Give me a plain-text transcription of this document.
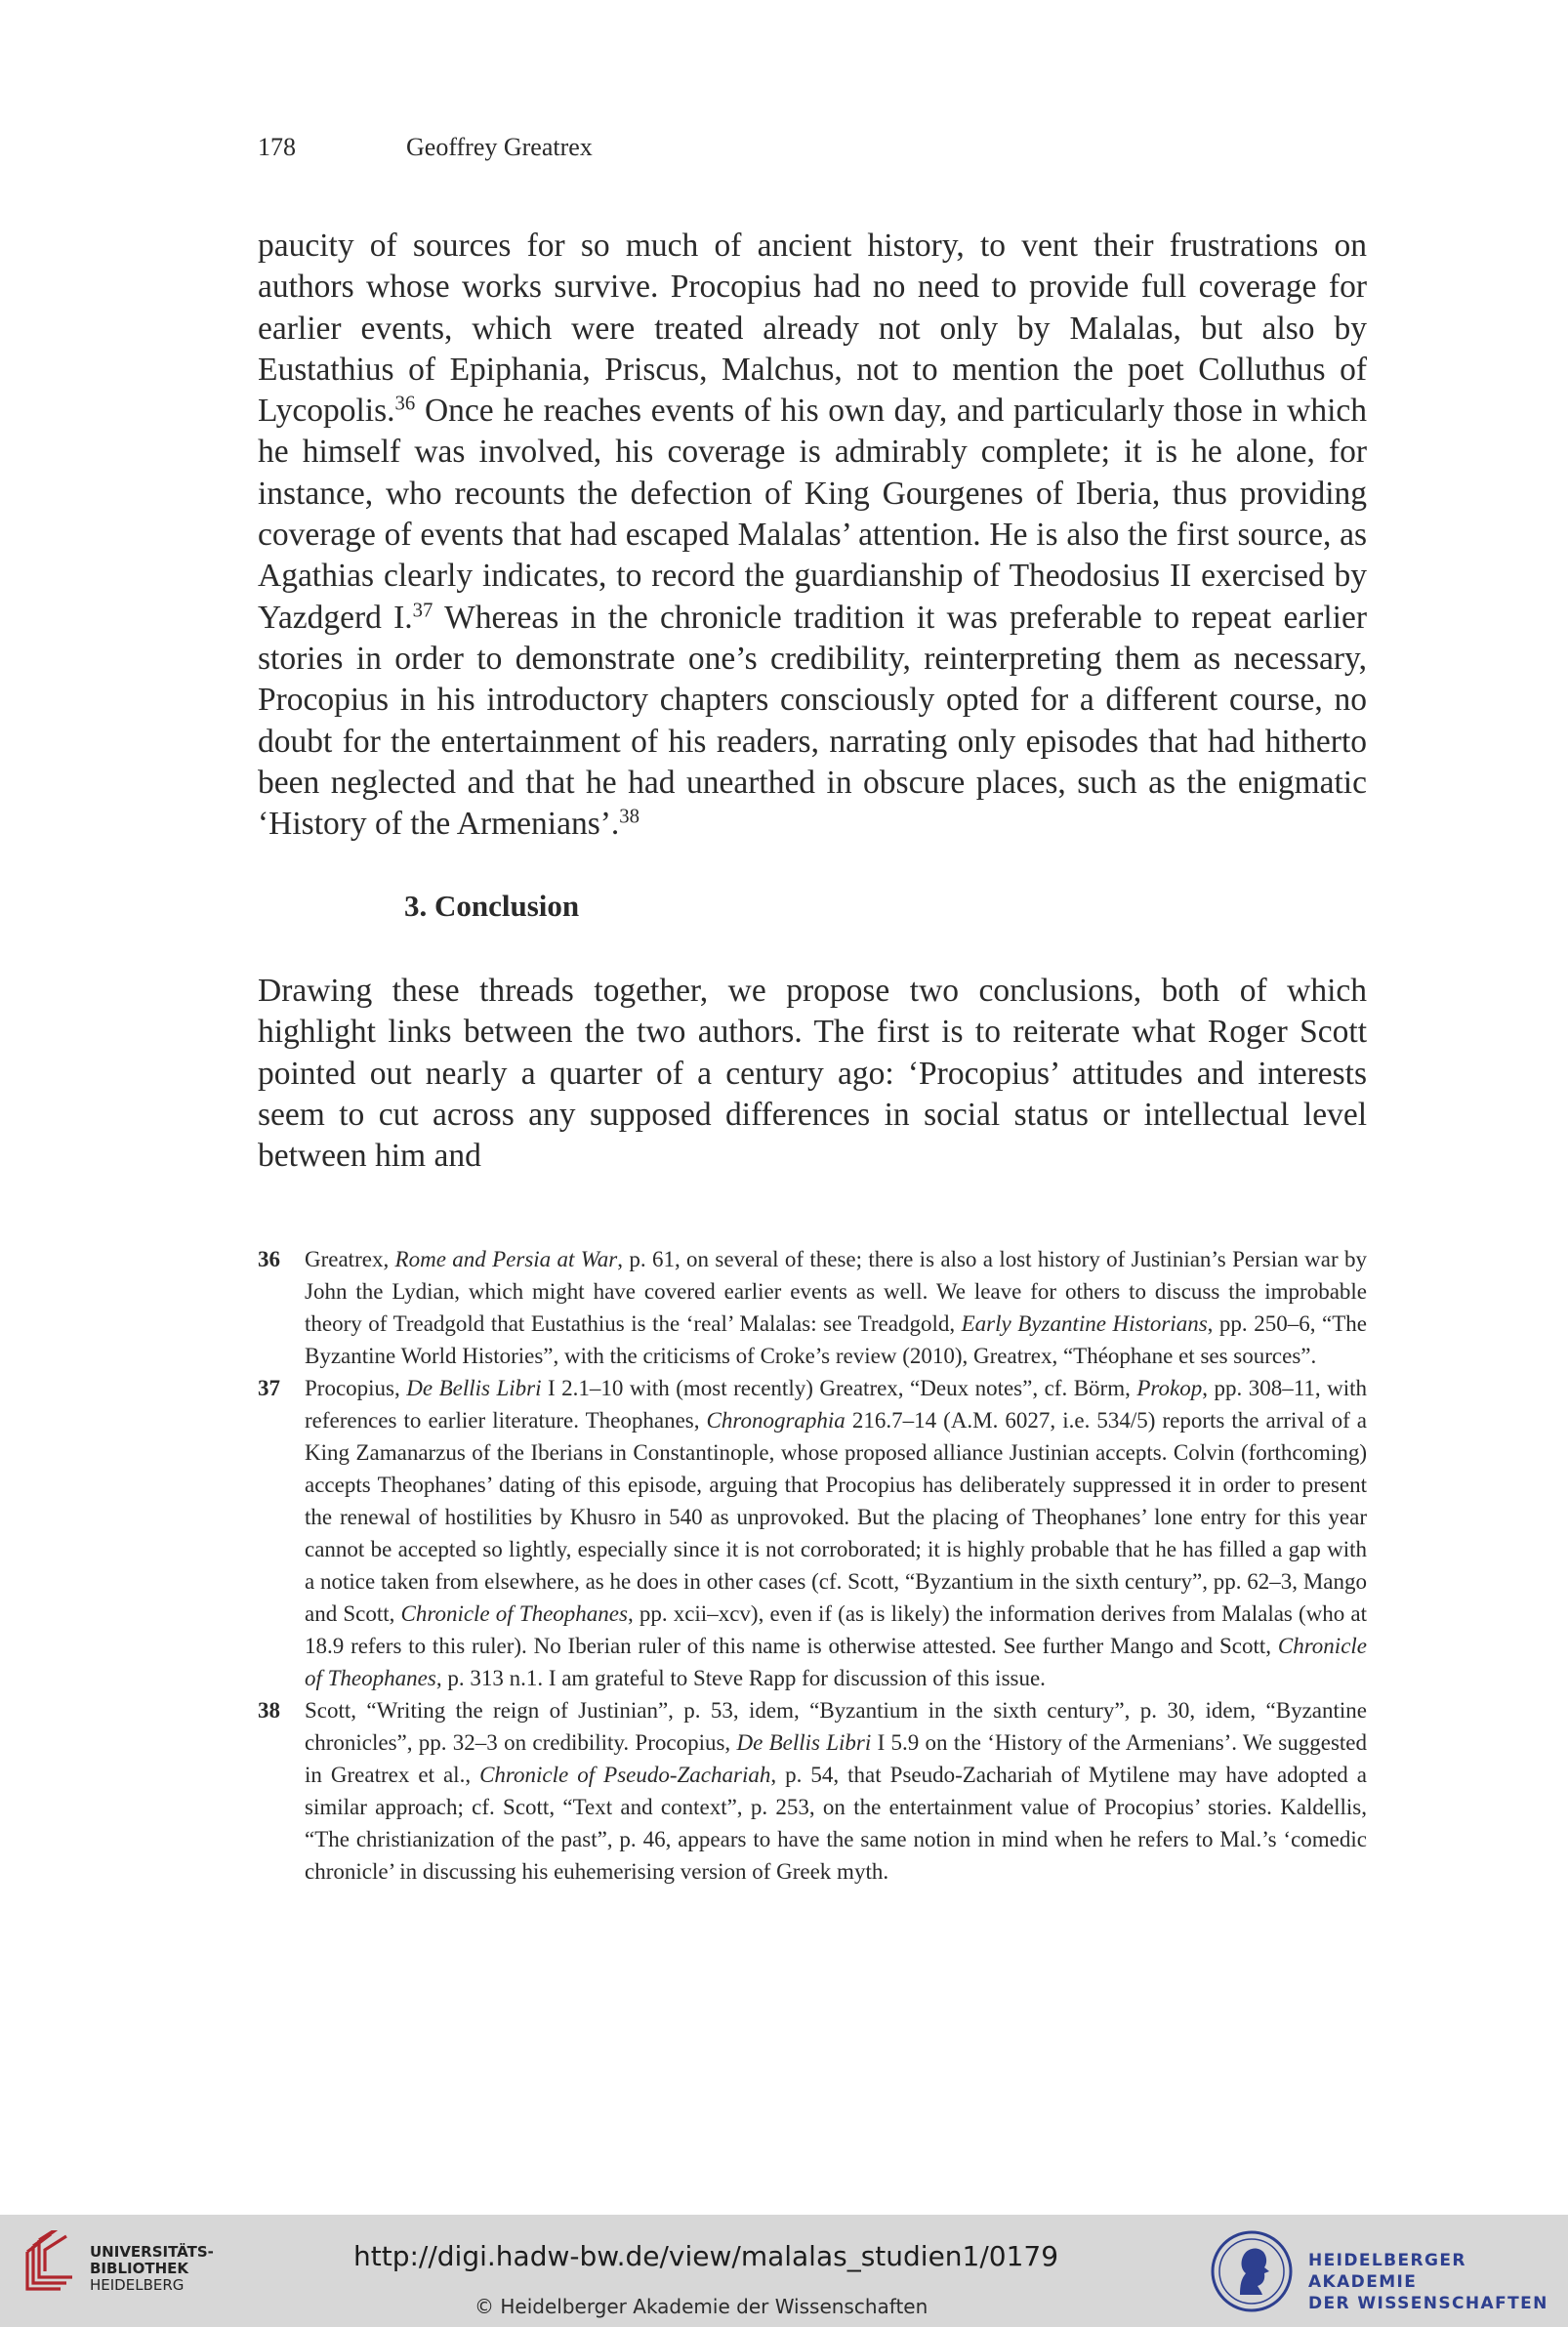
178	Geoffrey Greatrex

paucity of sources for so much of ancient history, to vent their frustrations on authors whose works survive. Procopius had no need to provide full coverage for earlier events, which were treated already not only by Malalas, but also by Eustathius of Epiphania, Priscus, Malchus, not to mention the poet Colluthus of Lycopolis.$^{36}$ Once he reaches events of his own day, and particularly those in which he himself was involved, his coverage is admirably complete; it is he alone, for instance, who recounts the defection of King Gourgenes of Iberia, thus providing coverage of events that had escaped Malalas’ attention. He is also the first source, as Agathias clearly indicates, to record the guardianship of Theodosius II exercised by Yazdgerd I.$^{37}$ Whereas in the chronicle tradition it was preferable to repeat earlier stories in order to demonstrate one’s credibility, reinterpreting them as necessary, Procopius in his introductory chapters consciously opted for a different course, no doubt for the entertainment of his readers, narrating only episodes that had hitherto been neglected and that he had unearthed in obscure places, such as the enigmatic ‘History of the Armenians’.$^{38}$

3. Conclusion

Drawing these threads together, we propose two conclusions, both of which highlight links between the two authors. The first is to reiterate what Roger Scott pointed out nearly a quarter of a century ago: ‘Procopius’ attitudes and interests seem to cut across any supposed differences in social status or intellectual level between him and

36 Greatrex, Rome and Persia at War, p. 61, on several of these; there is also a lost history of Justinian’s Persian war by John the Lydian, which might have covered earlier events as well. We leave for others to discuss the improbable theory of Treadgold that Eustathius is the ‘real’ Malalas: see Treadgold, Early Byzantine Historians, pp. 250–6, “The Byzantine World Histories”, with the criticisms of Croke’s review (2010), Greatrex, “Théophane et ses sources”.

37 Procopius, De Bellis Libri I 2.1–10 with (most recently) Greatrex, “Deux notes”, cf. Börm, Prokop, pp. 308–11, with references to earlier literature. Theophanes, Chronographia 216.7–14 (A.M. 6027, i.e. 534/5) reports the arrival of a King Zamanarzus of the Iberians in Constantinople, whose proposed alliance Justinian accepts. Colvin (forthcoming) accepts Theophanes’ dating of this episode, arguing that Procopius has deliberately suppressed it in order to present the renewal of hostilities by Khusro in 540 as unprovoked. But the placing of Theophanes’ lone entry for this year cannot be accepted so lightly, especially since it is not corroborated; it is highly probable that he has filled a gap with a notice taken from elsewhere, as he does in other cases (cf. Scott, “Byzantium in the sixth century”, pp. 62–3, Mango and Scott, Chronicle of Theophanes, pp. xcii–xcv), even if (as is likely) the information derives from Malalas (who at 18.9 refers to this ruler). No Iberian ruler of this name is otherwise attested. See further Mango and Scott, Chronicle of Theophanes, p. 313 n.1. I am grateful to Steve Rapp for discussion of this issue.

38 Scott, “Writing the reign of Justinian”, p. 53, idem, “Byzantium in the sixth century”, p. 30, idem, “Byzantine chronicles”, pp. 32–3 on credibility. Procopius, De Bellis Libri I 5.9 on the ‘History of the Armenians’. We suggested in Greatrex et al., Chronicle of Pseudo-Zachariah, p. 54, that Pseudo-Zachariah of Mytilene may have adopted a similar approach; cf. Scott, “Text and context”, p. 253, on the entertainment value of Procopius’ stories. Kaldellis, “The christianization of the past”, p. 46, appears to have the same notion in mind when he refers to Mal.’s ‘comedic chronicle’ in discussing his euhemerising version of Greek myth.

UNIVERSITÄTS-
BIBLIOTHEK
HEIDELBERG
http://digi.hadw-bw.de/view/malalas_studien1/0179
© Heidelberger Akademie der Wissenschaften
HEIDELBERGER AKADEMIE
DER WISSENSCHAFTEN
